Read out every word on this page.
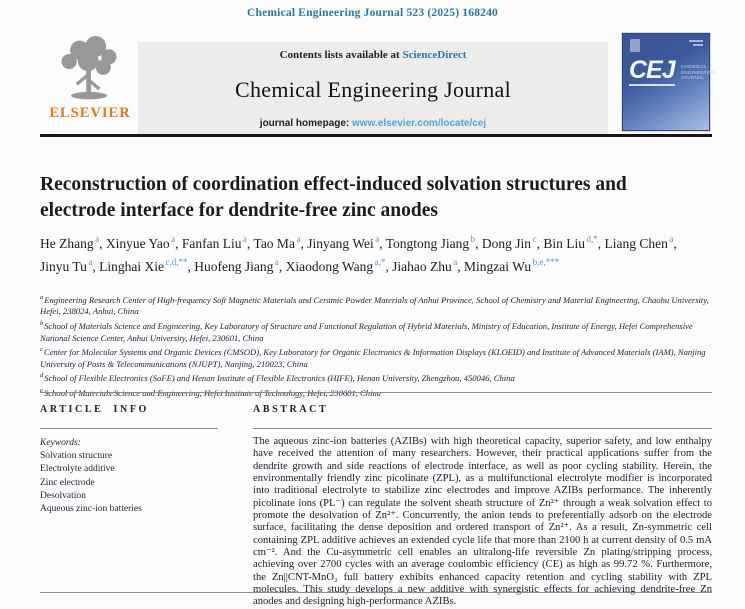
Chemical Engineering Journal 523 (2025) 168240
ELSEVIER
Contents lists available at ScienceDirect
Chemical Engineering Journal
journal homepage: www.elsevier.com/locate/cej
CEJ CHEMICAL ENGINEERING JOURNAL
Reconstruction of coordination effect-induced solvation structures and electrode interface for dendrite-free zinc anodes
He Zhang $^a$, Xinyue Yao $^a$, Fanfan Liu $^a$, Tao Ma $^a$, Jinyang Wei $^a$, Tongtong Jiang $^b$, Dong Jin $^c$, Bin Liu $^{d,*}$, Liang Chen $^a$, Jinyu Tu $^a$, Linghai Xie $^{c,d,**}$, Huofeng Jiang $^a$, Xiaodong Wang $^{a,*}$, Jiahao Zhu $^a$, Mingzai Wu $^{b,e,***}$
$^a$Engineering Research Center of High-frequency Soft Magnetic Materials and Ceramic Powder Materials of Anhui Province, School of Chemistry and Material Engineering, Chaohu University, Hefei, 238024, Anhui, China
$^b$School of Materials Science and Engineering, Key Laboratory of Structure and Functional Regulation of Hybrid Materials, Ministry of Education, Institute of Energy, Hefei Comprehensive National Science Center, Anhui University, Hefei, 230601, China
$^c$Center for Molecular Systems and Organic Devices (CMSOD), Key Laboratory for Organic Electronics & Information Displays (KLOEID) and Institute of Advanced Materials (IAM), Nanjing University of Posts & Telecommunications (NJUPT), Nanjing, 210023, China
$^d$School of Flexible Electronics (SoFE) and Henan Institute of Flexible Electronics (HIFE), Henan University, Zhengzhou, 450046, China
$^e$School of Materials Science and Engineering, Hefei Institute of Technology, Hefei, 230601, China
ARTICLE INFO	ABSTRACT
Keywords:
Solvation structure
Electrolyte additive
Zinc electrode
Desolvation
Aqueous zinc-ion batteries
The aqueous zinc-ion batteries (AZIBs) with high theoretical capacity, superior safety, and low enthalpy have received the attention of many researchers. However, their practical applications suffer from the dendrite growth and side reactions of electrode interface, as well as poor cycling stability. Herein, the environmentally friendly zinc picolinate (ZPL), as a multifunctional electrolyte modifier is incorporated into traditional electrolyte to stabilize zinc electrodes and improve AZIBs performance. The inherently picolinate ions (PL⁻) can regulate the solvent sheath structure of Zn²⁺ through a weak solvation effect to promote the desolvation of Zn²⁺. Concurrently, the anion tends to preferentially adsorb on the electrode surface, facilitating the dense deposition and ordered transport of Zn²⁺. As a result, Zn-symmetric cell containing ZPL additive achieves an extended cycle life that more than 2100 h at current density of 0.5 mA cm⁻². And the Cu-asymmetric cell enables an ultralong-life reversible Zn plating/stripping process, achieving over 2700 cycles with an average coulombic efficiency (CE) as high as 99.72 %. Furthermore, the Zn||CNT-MnO₂ full battery exhibits enhanced capacity retention and cycling stability with ZPL molecules. This study develops a new additive with synergistic effects for achieving dendrite-free Zn anodes and designing high-performance AZIBs.
